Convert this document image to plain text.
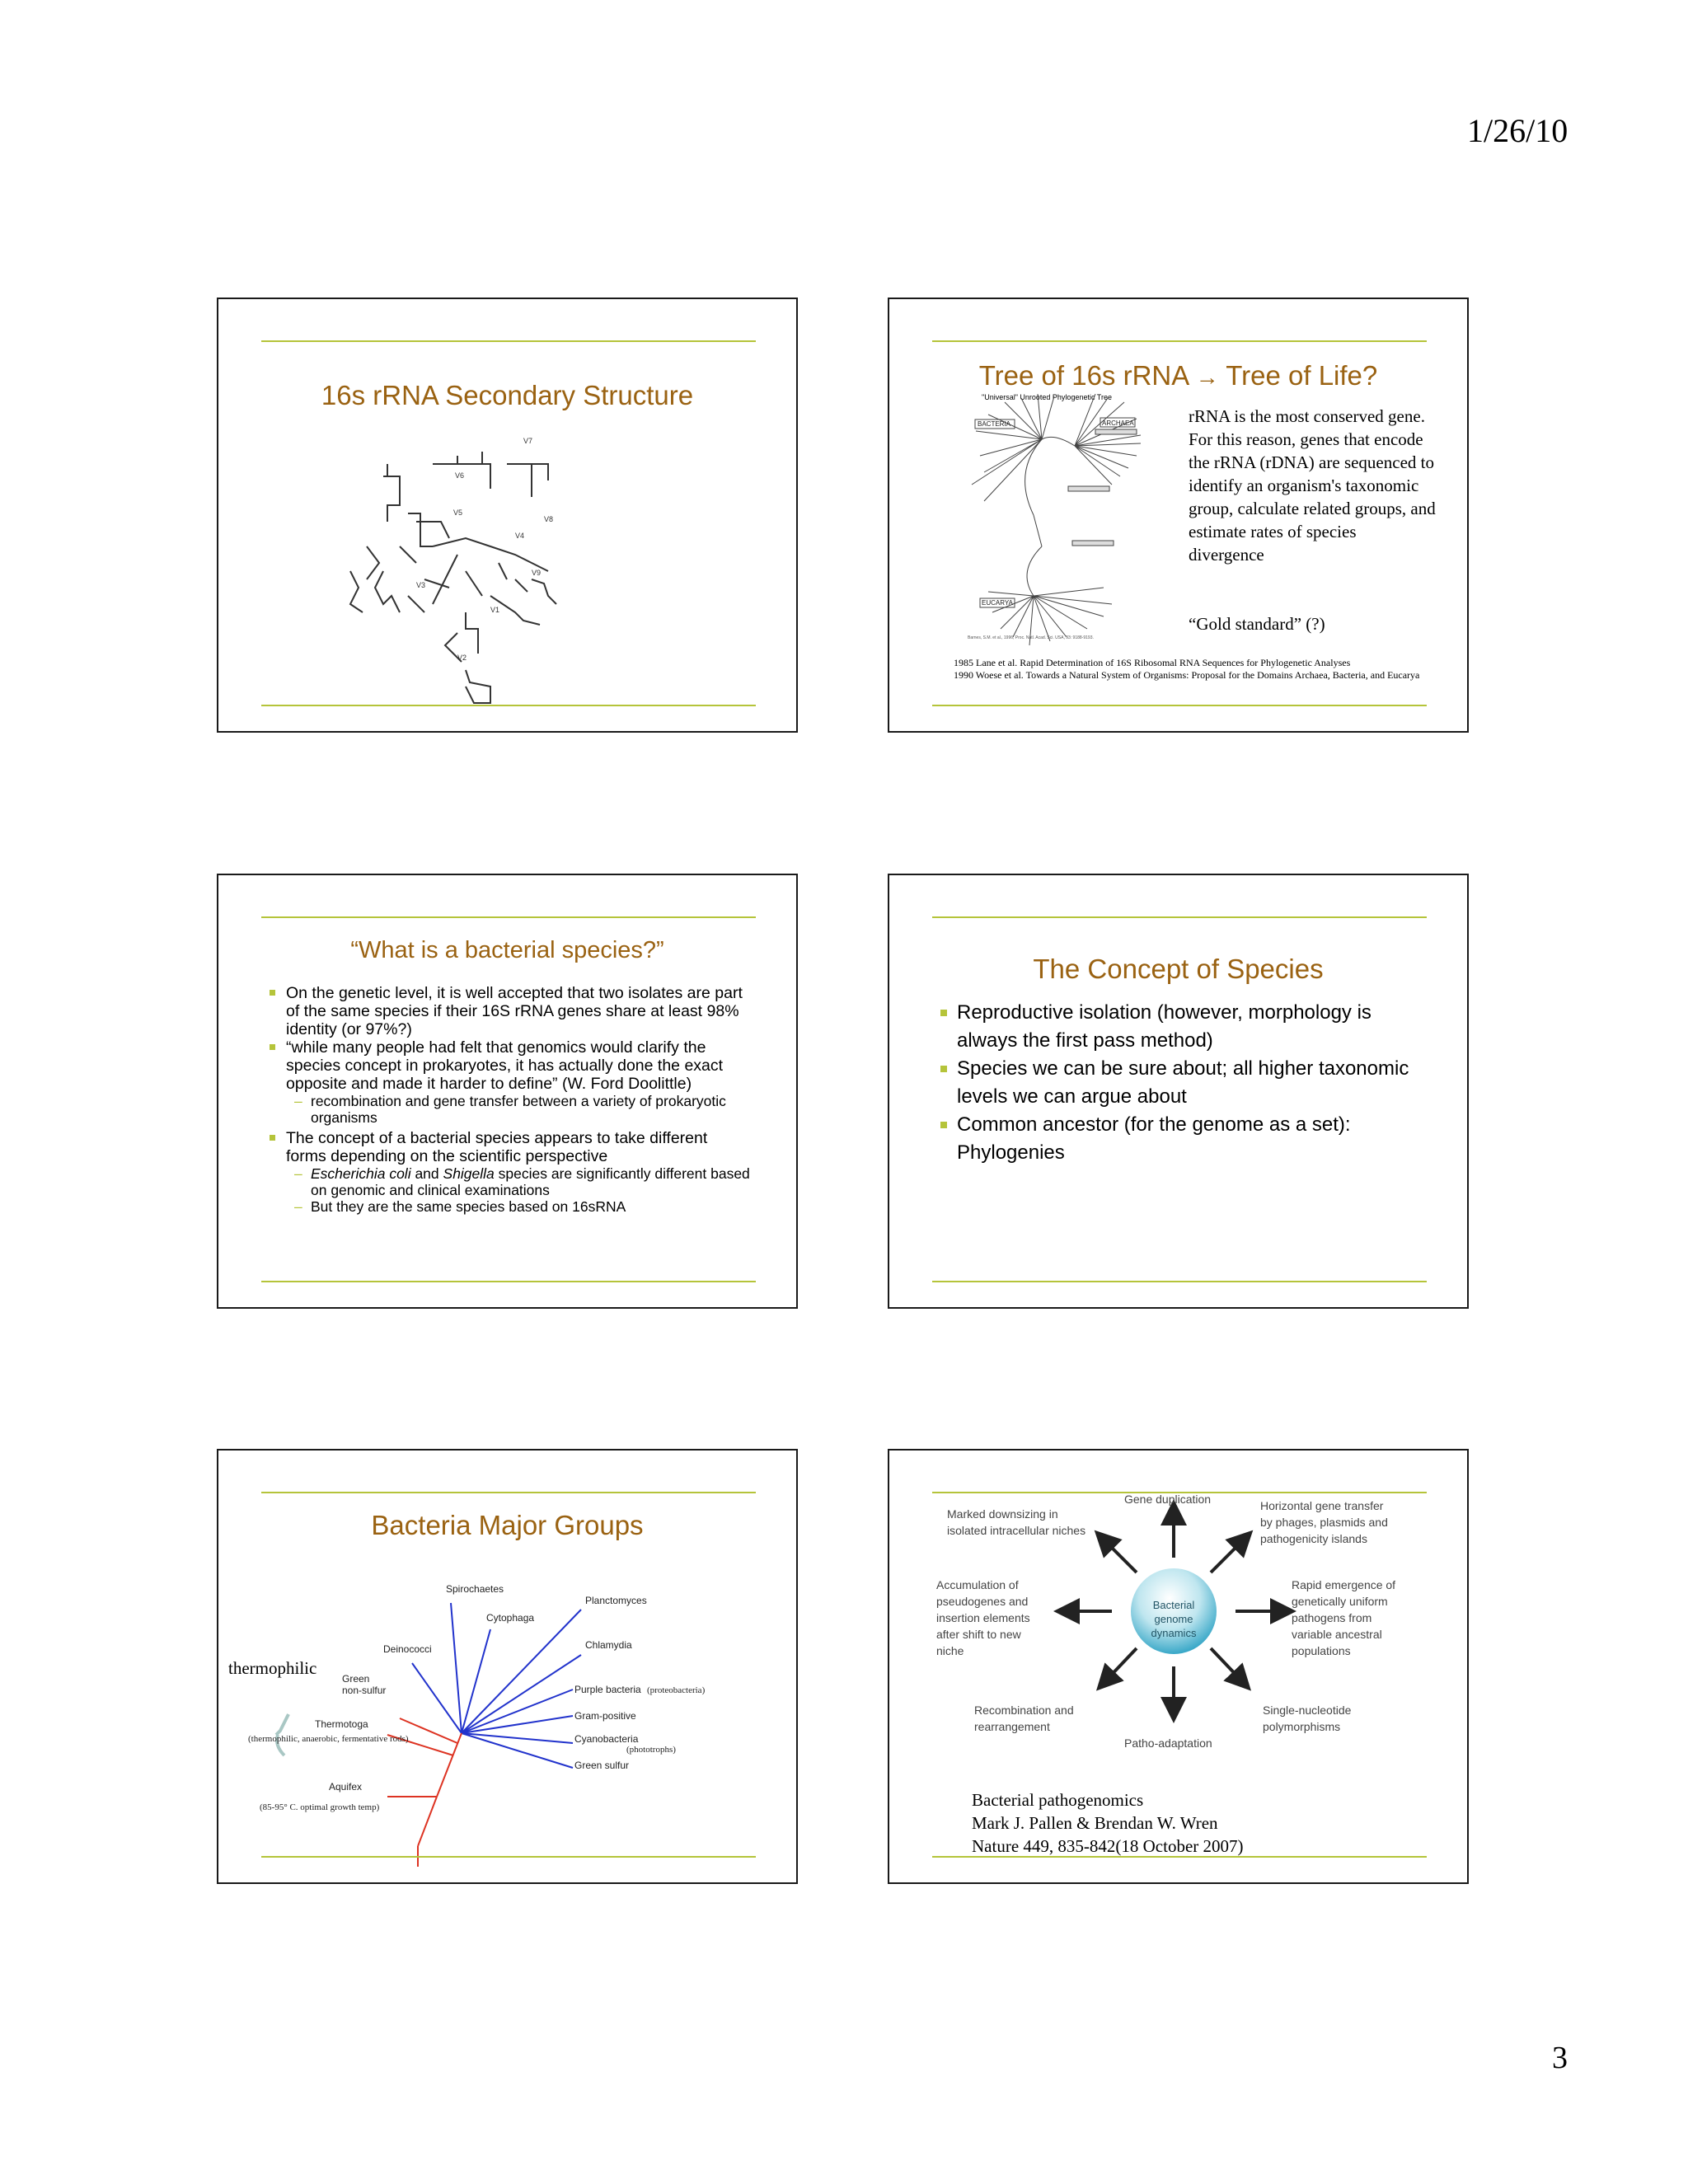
1/26/10
16s rRNA Secondary Structure
V7
V6
V5
V8
V4
V9
V3
V1
V2
Tree of 16s rRNA → Tree of Life?
"Universal" Unrooted Phylogenetic Tree
BACTERIA	ARCHAEA
EUCARYA
Barnes, S.M. et al., 1996, Proc. Natl. Acad. Sci. USA, 93: 9188-9193.
rRNA is the most conserved gene. For this reason, genes that encode the rRNA (rDNA) are sequenced to identify an organism's taxonomic group, calculate related groups, and estimate rates of species divergence
“Gold standard” (?)
1985 Lane et al. Rapid Determination of 16S Ribosomal RNA Sequences for Phylogenetic Analyses
1990 Woese et al. Towards a Natural System of Organisms: Proposal for the Domains Archaea, Bacteria, and Eucarya
“What is a bacterial species?”
On the genetic level, it is well accepted that two isolates are part of the same species if their 16S rRNA genes share at least 98% identity (or 97%?)
“while many people had felt that genomics would clarify the species concept in prokaryotes, it has actually done the exact opposite and made it harder to define” (W. Ford Doolittle)
– recombination and gene transfer between a variety of prokaryotic organisms
The concept of a bacterial species appears to take different forms depending on the scientific perspective
– Escherichia coli and Shigella species are significantly different based on genomic and clinical examinations
– But they are the same species based on 16sRNA
The Concept of Species
Reproductive isolation (however, morphology is always the first pass method)
Species we can be sure about; all higher taxonomic levels we can argue about
Common ancestor (for the genome as a set): Phylogenies
Bacteria Major Groups
Spirochaetes
Planctomyces
Cytophaga
Chlamydia
Deinococci
Green
non-sulfur	Purple bacteria
Gram-positive
Thermotoga
Cyanobacteria
Green sulfur
Aquifex
(proteobacteria)
(phototrophs)
(thermophilic, anaerobic, fermentative rods)
(85-95° C. optimal growth temp)
thermophilic
Bacterial
genome
dynamics
Gene duplication
Marked downsizing in
isolated intracellular niches
Horizontal gene transfer
by phages, plasmids and
pathogenicity islands
Accumulation of
pseudogenes and
insertion elements
after shift to new
niche
Rapid emergence of
genetically uniform
pathogens from
variable ancestral
populations
Recombination and
rearrangement
Patho-adaptation
Single-nucleotide
polymorphisms
Bacterial pathogenomics
Mark J. Pallen & Brendan W. Wren
Nature 449, 835-842(18 October 2007)
3
